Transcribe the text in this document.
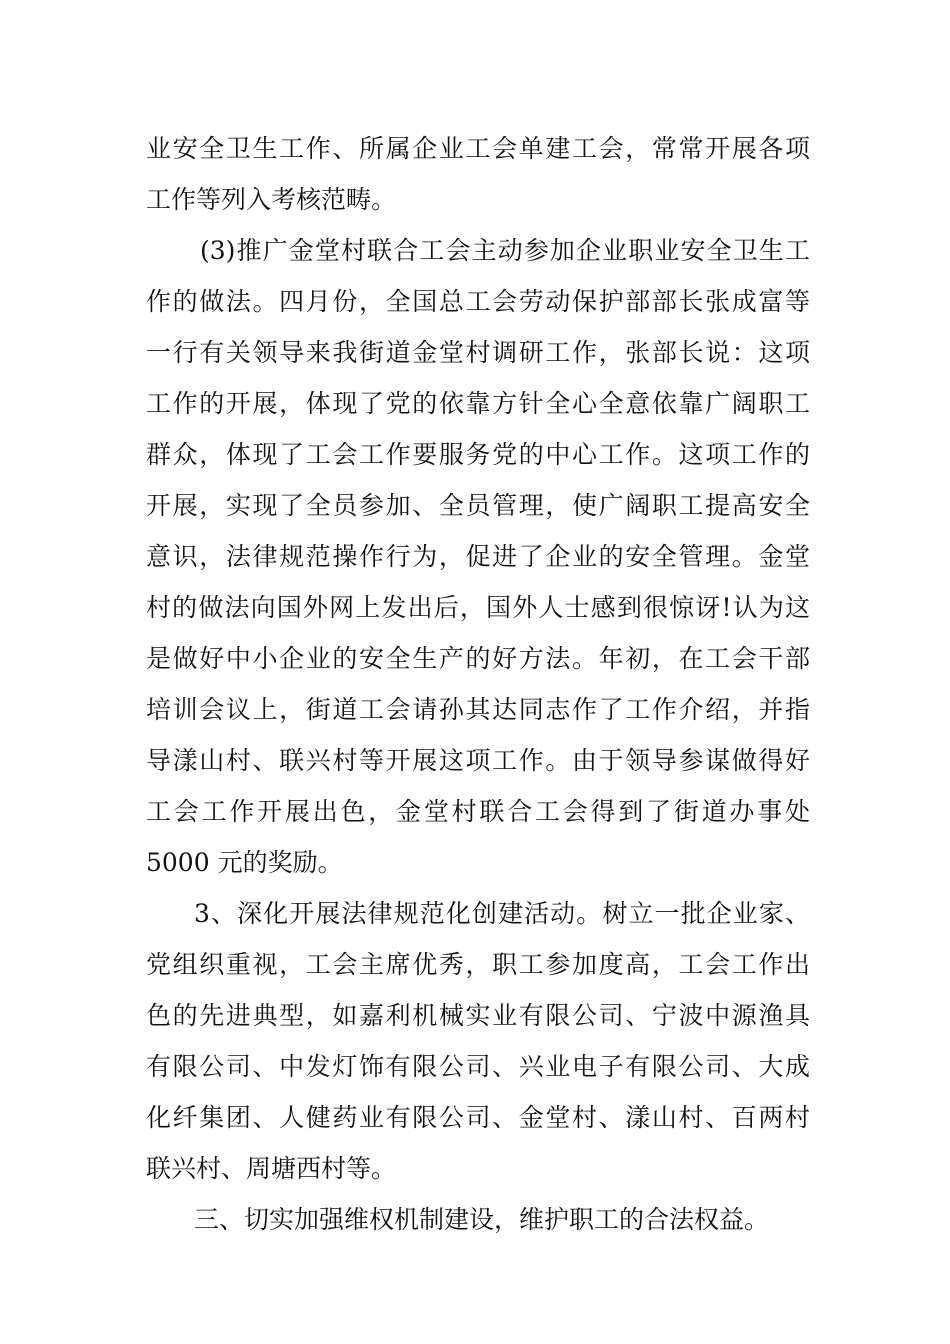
业安全卫生工作、所属企业工会单建工会，常常开展各项
工作等列入考核范畴。
(3)推广金堂村联合工会主动参加企业职业安全卫生工
作的做法。四月份，全国总工会劳动保护部部长张成富等
一行有关领导来我街道金堂村调研工作，张部长说：这项
工作的开展，体现了党的依靠方针全心全意依靠广阔职工
群众，体现了工会工作要服务党的中心工作。这项工作的
开展，实现了全员参加、全员管理，使广阔职工提高安全
意识，法律规范操作行为，促进了企业的安全管理。金堂
村的做法向国外网上发出后，国外人士感到很惊讶!认为这
是做好中小企业的安全生产的好方法。年初，在工会干部
培训会议上，街道工会请孙其达同志作了工作介绍，并指
导漾山村、联兴村等开展这项工作。由于领导参谋做得好
工会工作开展出色，金堂村联合工会得到了街道办事处
5000 元的奖励。
3、深化开展法律规范化创建活动。树立一批企业家、
党组织重视，工会主席优秀，职工参加度高，工会工作出
色的先进典型，如嘉利机械实业有限公司、宁波中源渔具
有限公司、中发灯饰有限公司、兴业电子有限公司、大成
化纤集团、人健药业有限公司、金堂村、漾山村、百两村
联兴村、周塘西村等。
三、切实加强维权机制建设，维护职工的合法权益。
